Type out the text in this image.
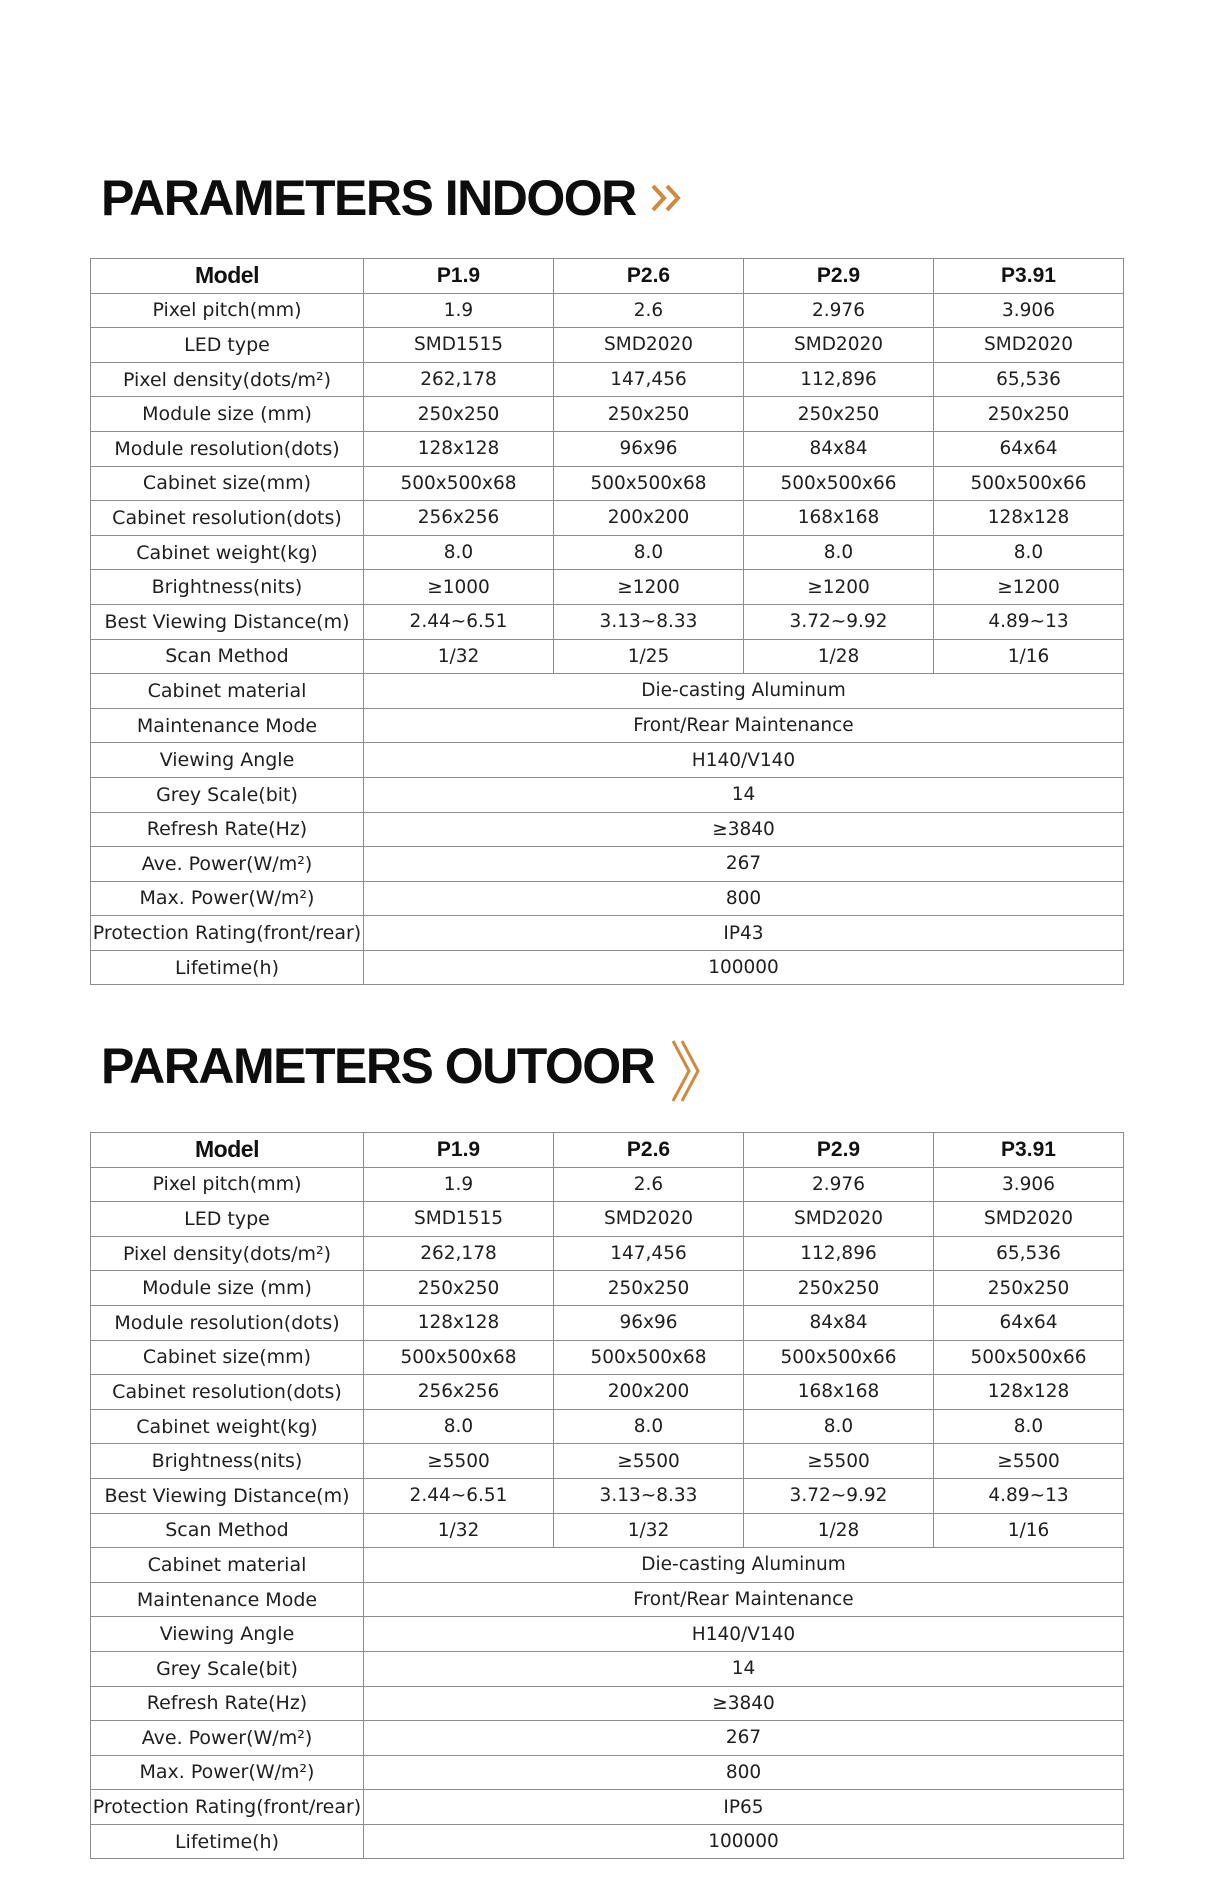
PARAMETERS INDOOR
Model	P1.9	P2.6	P2.9	P3.91
Pixel pitch(mm)	1.9	2.6	2.976	3.906
LED type	SMD1515	SMD2020	SMD2020	SMD2020
Pixel density(dots/m²)	262,178	147,456	112,896	65,536
Module size (mm)	250x250	250x250	250x250	250x250
Module resolution(dots)	128x128	96x96	84x84	64x64
Cabinet size(mm)	500x500x68	500x500x68	500x500x66	500x500x66
Cabinet resolution(dots)	256x256	200x200	168x168	128x128
Cabinet weight(kg)	8.0	8.0	8.0	8.0
Brightness(nits)	≥1000	≥1200	≥1200	≥1200
Best Viewing Distance(m)	2.44~6.51	3.13~8.33	3.72~9.92	4.89~13
Scan Method	1/32	1/25	1/28	1/16
Cabinet material	Die-casting Aluminum			
Maintenance Mode	Front/Rear Maintenance			
Viewing Angle	H140/V140			
Grey Scale(bit)	14			
Refresh Rate(Hz)	≥3840			
Ave. Power(W/m²)	267			
Max. Power(W/m²)	800			
Protection Rating(front/rear)	IP43			
Lifetime(h)	100000			
PARAMETERS OUTOOR
Model	P1.9	P2.6	P2.9	P3.91
Pixel pitch(mm)	1.9	2.6	2.976	3.906
LED type	SMD1515	SMD2020	SMD2020	SMD2020
Pixel density(dots/m²)	262,178	147,456	112,896	65,536
Module size (mm)	250x250	250x250	250x250	250x250
Module resolution(dots)	128x128	96x96	84x84	64x64
Cabinet size(mm)	500x500x68	500x500x68	500x500x66	500x500x66
Cabinet resolution(dots)	256x256	200x200	168x168	128x128
Cabinet weight(kg)	8.0	8.0	8.0	8.0
Brightness(nits)	≥5500	≥5500	≥5500	≥5500
Best Viewing Distance(m)	2.44~6.51	3.13~8.33	3.72~9.92	4.89~13
Scan Method	1/32	1/32	1/28	1/16
Cabinet material	Die-casting Aluminum			
Maintenance Mode	Front/Rear Maintenance			
Viewing Angle	H140/V140			
Grey Scale(bit)	14			
Refresh Rate(Hz)	≥3840			
Ave. Power(W/m²)	267			
Max. Power(W/m²)	800			
Protection Rating(front/rear)	IP65			
Lifetime(h)	100000			
